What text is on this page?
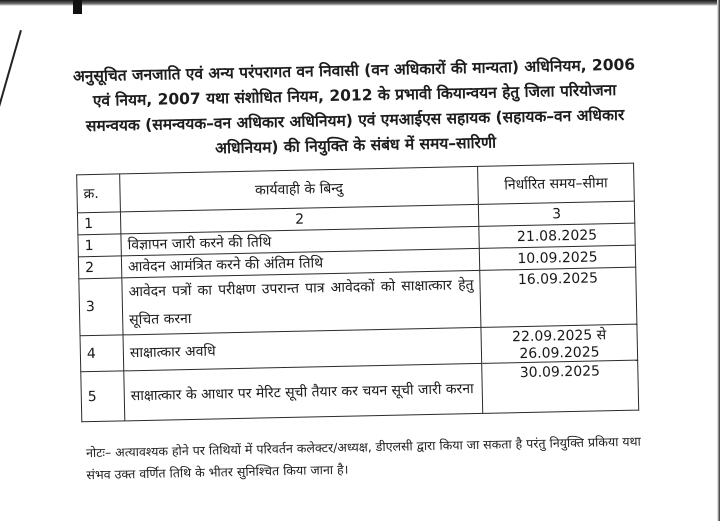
अनुसूचित जनजाति एवं अन्य परंपरागत वन निवासी (वन अधिकारों की मान्यता) अधिनियम, 2006 एवं नियम, 2007 यथा संशोधित नियम, 2012 के प्रभावी कियान्वयन हेतु जिला परियोजना समन्वयक (समन्वयक–वन अधिकार अधिनियम) एवं एमआईएस सहायक (सहायक–वन अधिकार अधिनियम) की नियुक्ति के संबंध में समय–सारिणी
क्र.	कार्यवाही के बिन्दु	निर्धारित समय–सीमा
1	2	3
1	विज्ञापन जारी करने की तिथि	21.08.2025
2	आवेदन आमंत्रित करने की अंतिम तिथि	10.09.2025
3	आवेदन पत्रों का परीक्षण उपरान्त पात्र आवेदकों को साक्षात्कार हेतु सूचित करना	16.09.2025
4	साक्षात्कार अवधि	22.09.2025 से 26.09.2025
5	साक्षात्कार के आधार पर मेरिट सूची तैयार कर चयन सूची जारी करना	30.09.2025
नोटः– अत्यावश्यक होने पर तिथियों में परिवर्तन कलेक्टर/अध्यक्ष, डीएलसी द्वारा किया जा सकता है परंतु नियुक्ति प्रकिया यथा संभव उक्त वर्णित तिथि के भीतर सुनिश्चित किया जाना है।
